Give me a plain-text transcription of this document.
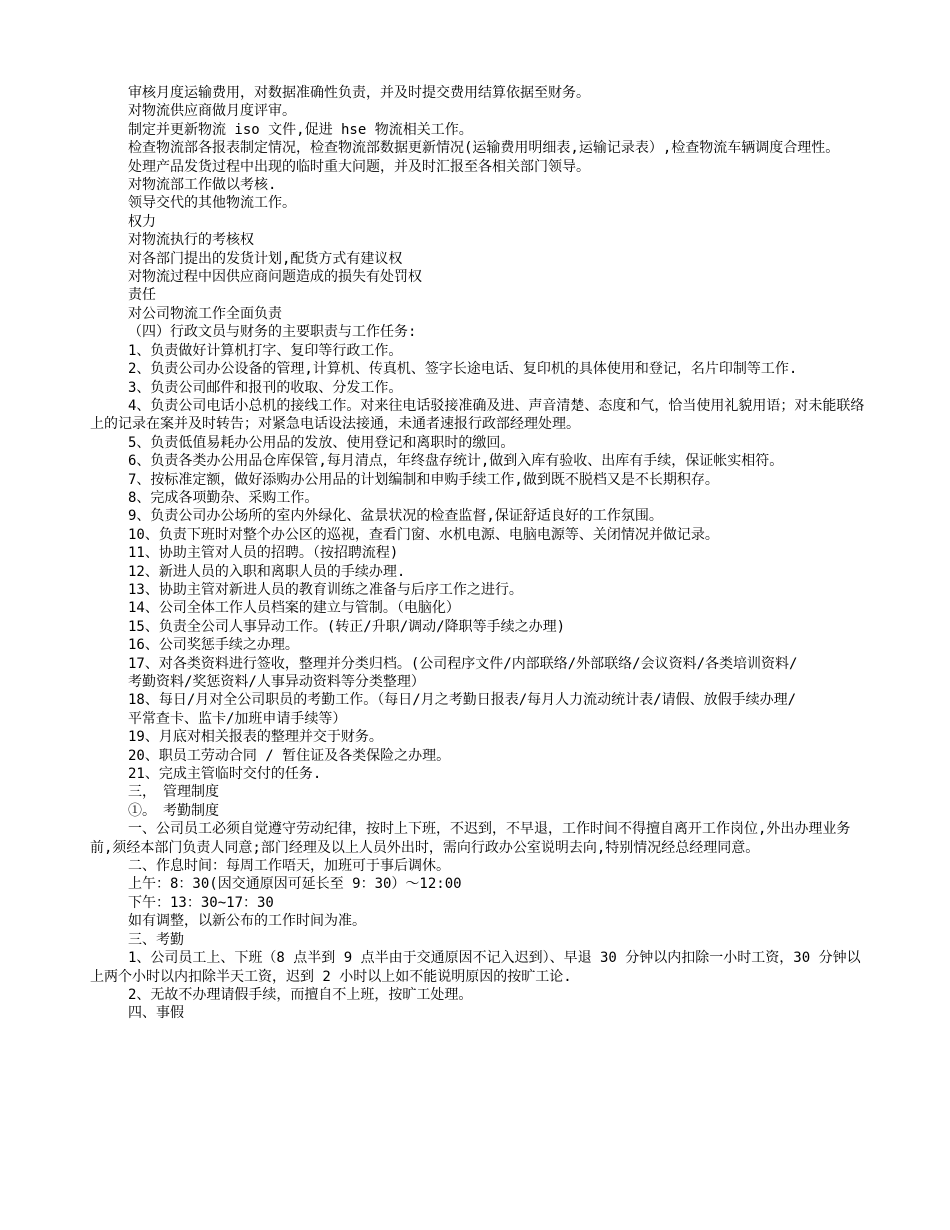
审核月度运输费用，对数据准确性负责，并及时提交费用结算依据至财务。
对物流供应商做月度评审。
制定并更新物流 iso 文件,促进 hse 物流相关工作。
检查物流部各报表制定情况，检查物流部数据更新情况(运输费用明细表,运输记录表）,检查物流车辆调度合理性。
处理产品发货过程中出现的临时重大问题，并及时汇报至各相关部门领导。
对物流部工作做以考核.
领导交代的其他物流工作。
权力
对物流执行的考核权
对各部门提出的发货计划,配货方式有建议权
对物流过程中因供应商问题造成的损失有处罚权
责任
对公司物流工作全面负责
（四）行政文员与财务的主要职责与工作任务:
1、负责做好计算机打字、复印等行政工作。
2、负责公司办公设备的管理,计算机、传真机、签字长途电话、复印机的具体使用和登记，名片印制等工作.
3、负责公司邮件和报刊的收取、分发工作。
4、负责公司电话小总机的接线工作。对来往电话驳接准确及进、声音清楚、态度和气，恰当使用礼貌用语；对未能联络上的记录在案并及时转告；对紧急电话设法接通，未通者速报行政部经理处理。
5、负责低值易耗办公用品的发放、使用登记和离职时的缴回。
6、负责各类办公用品仓库保管,每月清点，年终盘存统计,做到入库有验收、出库有手续，保证帐实相符。
7、按标准定额，做好添购办公用品的计划编制和申购手续工作,做到既不脱档又是不长期积存。
8、完成各项勤杂、采购工作。
9、负责公司办公场所的室内外绿化、盆景状况的检查监督,保证舒适良好的工作氛围。
10、负责下班时对整个办公区的巡视，查看门窗、水机电源、电脑电源等、关闭情况并做记录。
11、协助主管对人员的招聘。（按招聘流程)
12、新进人员的入职和离职人员的手续办理.
13、协助主管对新进人员的教育训练之准备与后序工作之进行。
14、公司全体工作人员档案的建立与管制。（电脑化）
15、负责全公司人事异动工作。(转正/升职/调动/降职等手续之办理)
16、公司奖惩手续之办理。
17、对各类资料进行签收，整理并分类归档。(公司程序文件/内部联络/外部联络/会议资料/各类培训资料/
考勤资料/奖惩资料/人事异动资料等分类整理）
18、每日/月对全公司职员的考勤工作。（每日/月之考勤日报表/每月人力流动统计表/请假、放假手续办理/
平常查卡、监卡/加班申请手续等）
19、月底对相关报表的整理并交于财务。
20、职员工劳动合同 / 暂住证及各类保险之办理。
21、完成主管临时交付的任务.
三，　管理制度
①。　考勤制度
一、公司员工必须自觉遵守劳动纪律，按时上下班，不迟到，不早退，工作时间不得擅自离开工作岗位,外出办理业务前,须经本部门负责人同意;部门经理及以上人员外出时，需向行政办公室说明去向,特别情况经总经理同意。
二、作息时间：每周工作唔天，加班可于事后调休。
上午：8：30(因交通原因可延长至 9：30）～12:00
下午：13：30~17：30
如有调整，以新公布的工作时间为准。
三、考勤
1、公司员工上、下班（8 点半到 9 点半由于交通原因不记入迟到）、早退 30 分钟以内扣除一小时工资，30 分钟以上两个小时以内扣除半天工资，迟到 2 小时以上如不能说明原因的按旷工论.
2、无故不办理请假手续，而擅自不上班，按旷工处理。
四、事假
